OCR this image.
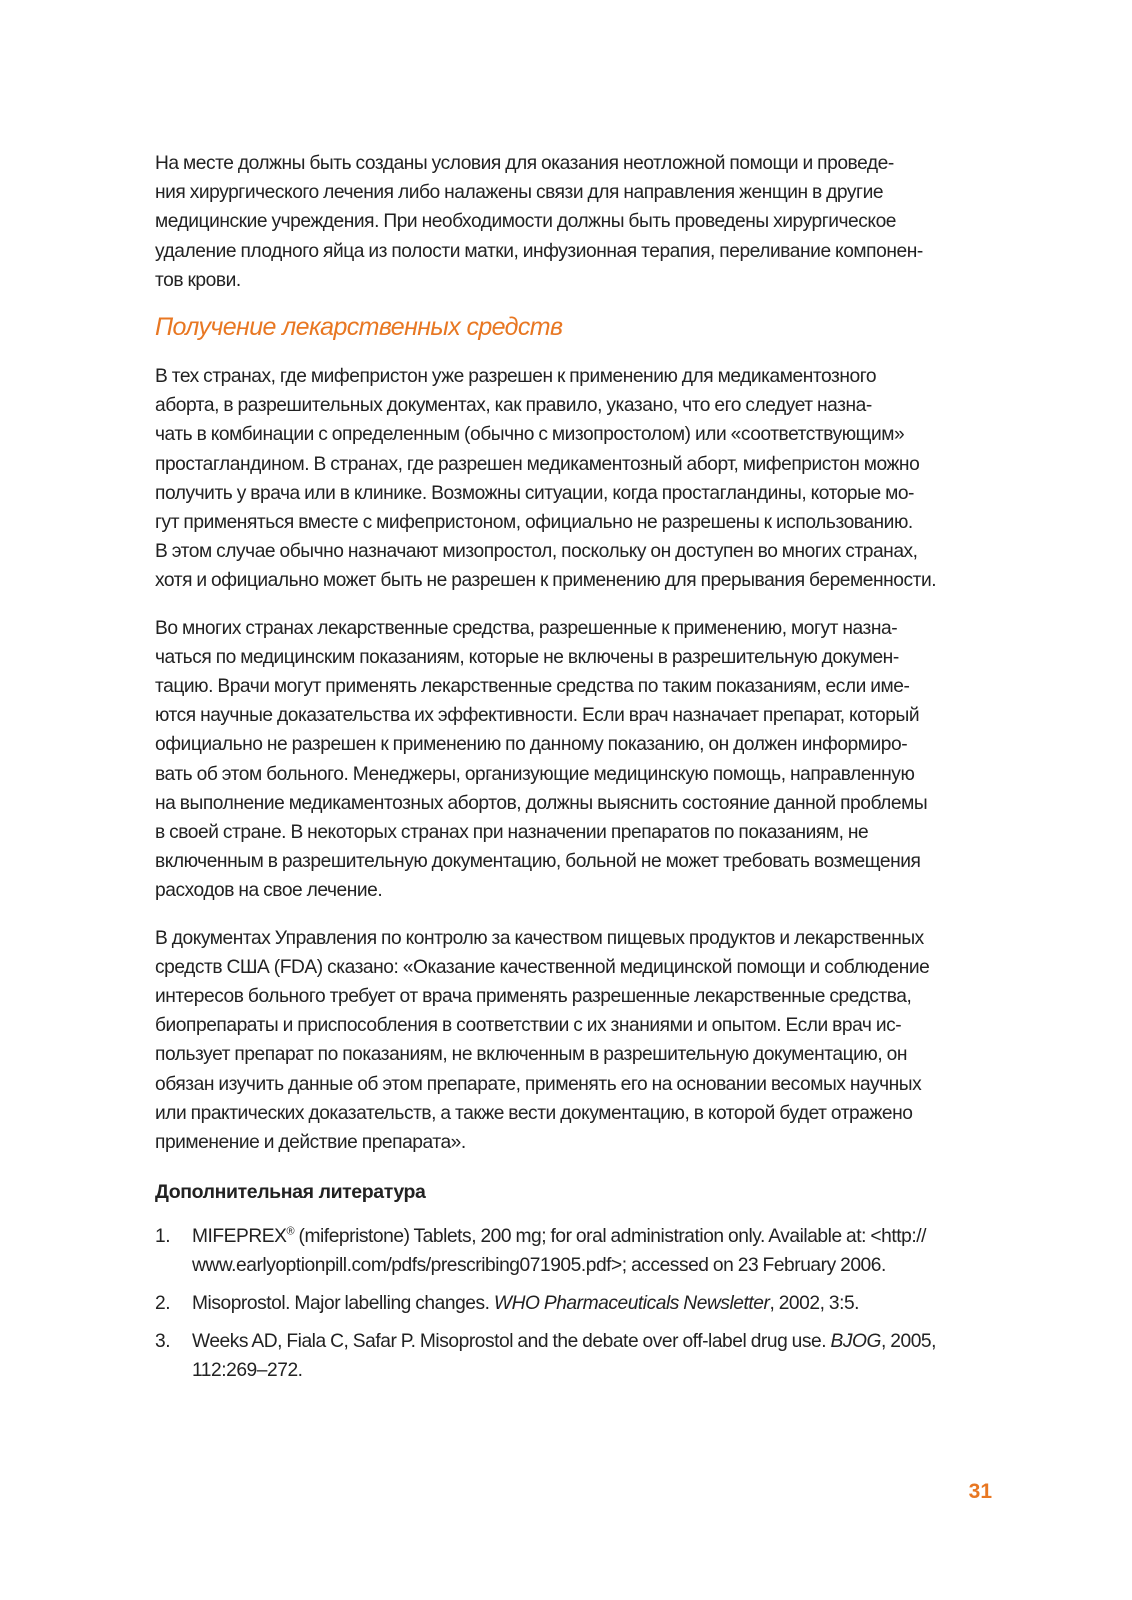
На месте должны быть созданы условия для оказания неотложной помощи и проведе-
ния хирургического лечения либо налажены связи для направления женщин в другие
медицинские учреждения. При необходимости должны быть проведены хирургическое
удаление плодного яйца из полости матки, инфузионная терапия, переливание компонен-
тов крови.
Получение лекарственных средств
В тех странах, где мифепристон уже разрешен к применению для медикаментозного
аборта, в разрешительных документах, как правило, указано, что его следует назна-
чать в комбинации с определенным (обычно с мизопростолом) или «соответствующим»
простагландином. В странах, где разрешен медикаментозный аборт, мифепристон можно
получить у врача или в клинике. Возможны ситуации, когда простагландины, которые мо-
гут применяться вместе с мифепристоном, официально не разрешены к использованию.
В этом случае обычно назначают мизопростол, поскольку он доступен во многих странах,
хотя и официально может быть не разрешен к применению для прерывания беременности.
Во многих странах лекарственные средства, разрешенные к применению, могут назна-
чаться по медицинским показаниям, которые не включены в разрешительную докумен-
тацию. Врачи могут применять лекарственные средства по таким показаниям, если име-
ются научные доказательства их эффективности. Если врач назначает препарат, который
официально не разрешен к применению по данному показанию, он должен информиро-
вать об этом больного. Менеджеры, организующие медицинскую помощь, направленную
на выполнение медикаментозных абортов, должны выяснить состояние данной проблемы
в своей стране. В некоторых странах при назначении препаратов по показаниям, не
включенным в разрешительную документацию, больной не может требовать возмещения
расходов на свое лечение.
В документах Управления по контролю за качеством пищевых продуктов и лекарственных
средств США (FDA) сказано: «Оказание качественной медицинской помощи и соблюдение
интересов больного требует от врача применять разрешенные лекарственные средства,
биопрепараты и приспособления в соответствии с их знаниями и опытом. Если врач ис-
пользует препарат по показаниям, не включенным в разрешительную документацию, он
обязан изучить данные об этом препарате, применять его на основании весомых научных
или практических доказательств, а также вести документацию, в которой будет отражено
применение и действие препарата».
Дополнительная литература
1. MIFEPREX® (mifepristone) Tablets, 200 mg; for oral administration only. Available at: <http://
www.earlyoptionpill.com/pdfs/prescribing071905.pdf>; accessed on 23 February 2006.
2. Misoprostol. Major labelling changes. WHO Pharmaceuticals Newsletter, 2002, 3:5.
3. Weeks AD, Fiala C, Safar P. Misoprostol and the debate over off-label drug use. BJOG, 2005,
112:269–272.
31
